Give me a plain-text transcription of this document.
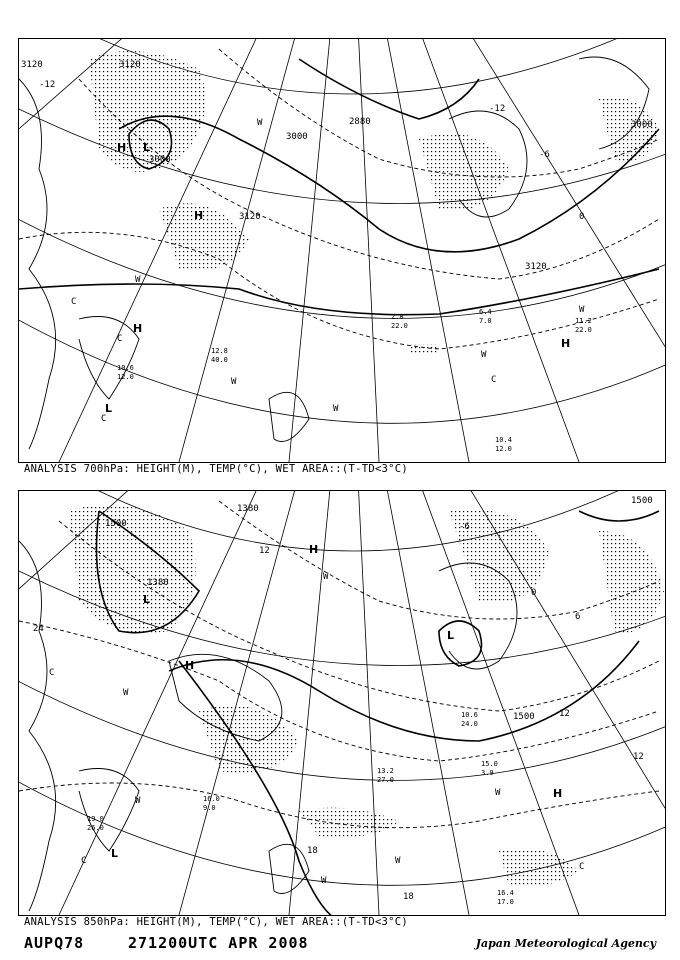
3120	3120
3000
3000
3000
3120
3120
2880
-12
-6
0
-12
L
H
H
H
L
H
W
W
W
W
W
W
C
C
C
C
12.8
40.0
10.6
12.0
6.4
7.0	11.2
22.0
2.8
22.0
10.4
12.0
ANALYSIS 700hPa: HEIGHT(M), TEMP(°C), WET AREA::(T-TD<3°C)
1500
1500
1380
1380
1500
24
12
12
12
18
18
0
6
-6
L
H
L
H
L
H
W
W
W
W
W
W
C
C
C
15.0
3.9
13.2
27.0
16.0
9.0
19.0
26.0
16.4
17.0
10.6
24.0
ANALYSIS 850hPa: HEIGHT(M), TEMP(°C), WET AREA::(T-TD<3°C)
AUPQ78	271200UTC APR 2008	Japan Meteorological Agency
